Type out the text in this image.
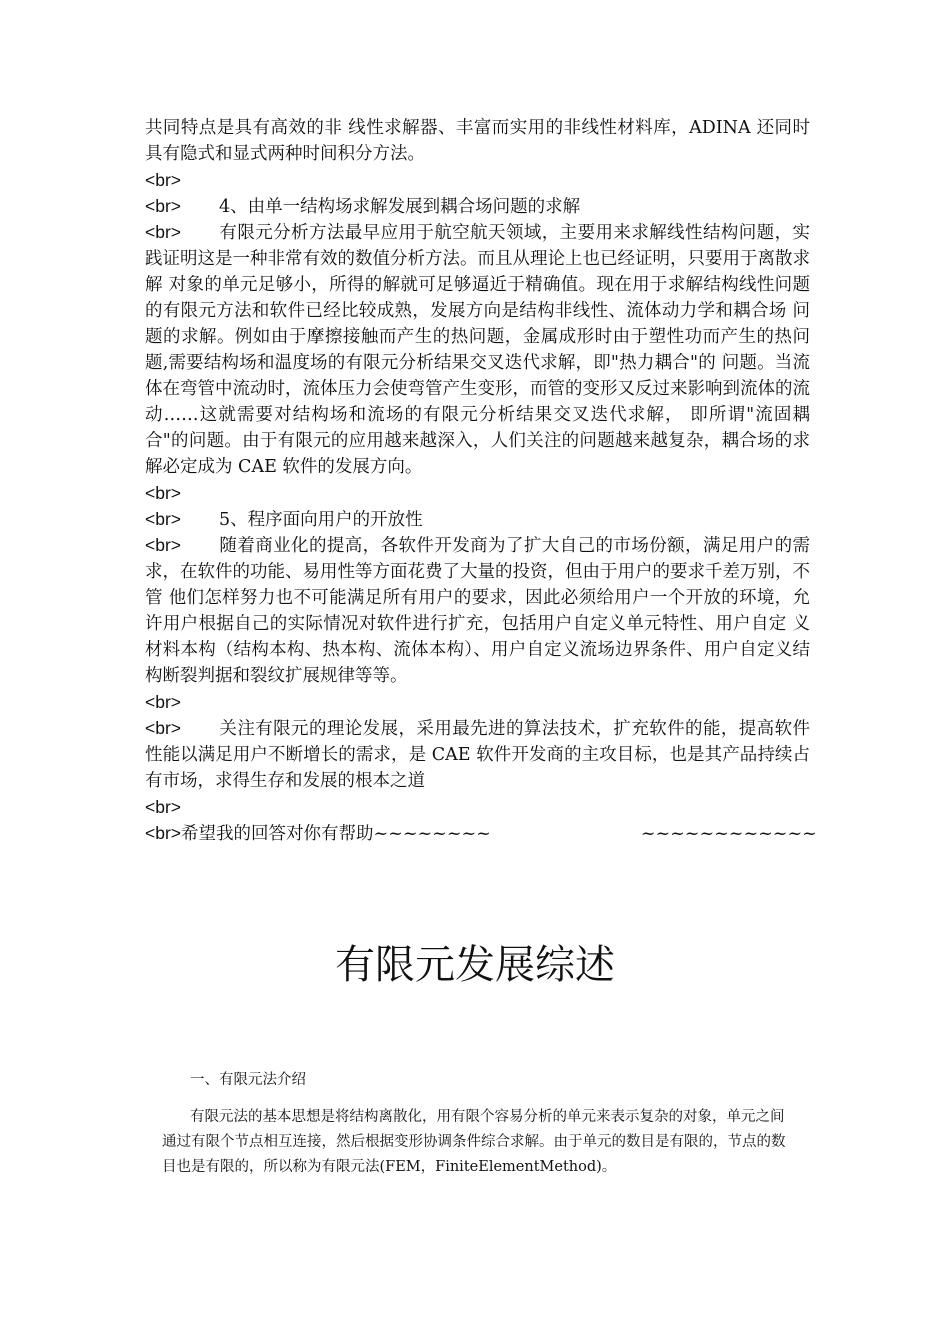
共同特点是具有高效的非 线性求解器、丰富而实用的非线性材料库，ADINA 还同时具有隐式和显式两种时间积分方法。

<br>

<br> 4、由单一结构场求解发展到耦合场问题的求解

<br> 有限元分析方法最早应用于航空航天领域，主要用来求解线性结构问题，实践证明这是一种非常有效的数值分析方法。而且从理论上也已经证明，只要用于离散求解 对象的单元足够小，所得的解就可足够逼近于精确值。现在用于求解结构线性问题的有限元方法和软件已经比较成熟，发展方向是结构非线性、流体动力学和耦合场 问题的求解。例如由于摩擦接触而产生的热问题，金属成形时由于塑性功而产生的热问题,需要结构场和温度场的有限元分析结果交叉迭代求解，即"热力耦合"的 问题。当流体在弯管中流动时，流体压力会使弯管产生变形，而管的变形又反过来影响到流体的流动……这就需要对结构场和流场的有限元分析结果交叉迭代求解， 即所谓"流固耦合"的问题。由于有限元的应用越来越深入，人们关注的问题越来越复杂，耦合场的求解必定成为 CAE 软件的发展方向。

<br>

<br> 5、程序面向用户的开放性

<br> 随着商业化的提高，各软件开发商为了扩大自己的市场份额，满足用户的需求，在软件的功能、易用性等方面花费了大量的投资，但由于用户的要求千差万别，不管 他们怎样努力也不可能满足所有用户的要求，因此必须给用户一个开放的环境，允许用户根据自己的实际情况对软件进行扩充，包括用户自定义单元特性、用户自定 义材料本构（结构本构、热本构、流体本构）、用户自定义流场边界条件、用户自定义结构断裂判据和裂纹扩展规律等等。

<br>

<br> 关注有限元的理论发展，采用最先进的算法技术，扩充软件的能，提高软件性能以满足用户不断增长的需求，是 CAE 软件开发商的主攻目标，也是其产品持续占有市场，求得生存和发展的根本之道

<br>

<br>希望我的回答对你有帮助~~~~~~~~	~~~~~~~~~~~~

有限元发展综述

一、有限元法介绍

有限元法的基本思想是将结构离散化，用有限个容易分析的单元来表示复杂的对象，单元之间通过有限个节点相互连接，然后根据变形协调条件综合求解。由于单元的数目是有限的，节点的数目也是有限的，所以称为有限元法(FEM，FiniteElementMethod)。
